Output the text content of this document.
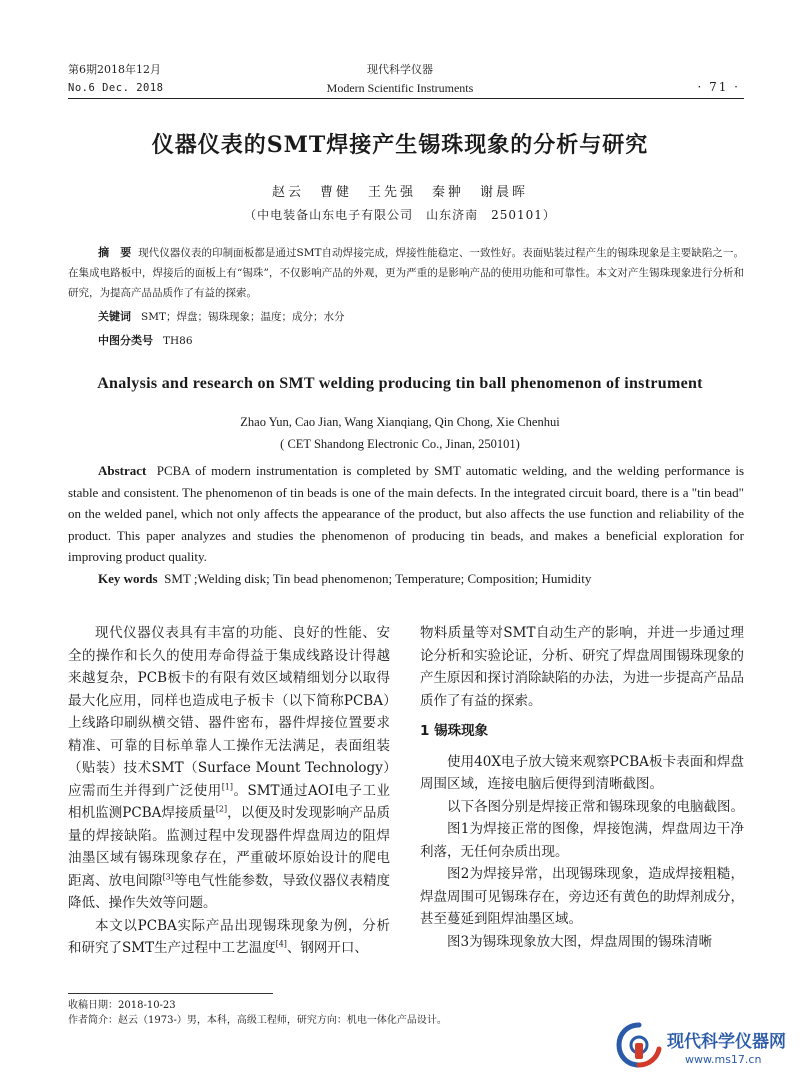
第6期2018年12月
No.6 Dec. 2018
现代科学仪器
Modern Scientific Instruments	· 71 ·
仪器仪表的SMT焊接产生锡珠现象的分析与研究
赵云　曹健　王先强　秦翀　谢晨晖
（中电装备山东电子有限公司　山东济南　250101）
摘　要 现代仪器仪表的印制面板都是通过SMT自动焊接完成，焊接性能稳定、一致性好。表面贴装过程产生的锡珠现象是主要缺陷之一。在集成电路板中，焊接后的面板上有“锡珠”，不仅影响产品的外观，更为严重的是影响产品的使用功能和可靠性。本文对产生锡珠现象进行分析和研究，为提高产品品质作了有益的探索。
关键词 SMT；焊盘；锡珠现象；温度；成分；水分
中图分类号 TH86
Analysis and research on SMT welding producing tin ball phenomenon of instrument
Zhao Yun, Cao Jian, Wang Xianqiang, Qin Chong, Xie Chenhui
( CET Shandong Electronic Co., Jinan, 250101)
Abstract PCBA of modern instrumentation is completed by SMT automatic welding, and the welding performance is stable and consistent. The phenomenon of tin beads is one of the main defects. In the integrated circuit board, there is a "tin bead" on the welded panel, which not only affects the appearance of the product, but also affects the use function and reliability of the product. This paper analyzes and studies the phenomenon of producing tin beads, and makes a beneficial exploration for improving product quality.
Key words SMT ;Welding disk; Tin bead phenomenon; Temperature; Composition; Humidity

现代仪器仪表具有丰富的功能、良好的性能、安全的操作和长久的使用寿命得益于集成线路设计得越来越复杂，PCB板卡的有限有效区域精细划分以取得最大化应用，同样也造成电子板卡（以下简称PCBA）上线路印刷纵横交错、器件密布，器件焊接位置要求精准、可靠的目标单靠人工操作无法满足，表面组装（贴装）技术SMT（Surface Mount Technology）应需而生并得到广泛使用[1]。SMT通过AOI电子工业相机监测PCBA焊接质量[2]，以便及时发现影响产品质量的焊接缺陷。监测过程中发现器件焊盘周边的阻焊油墨区域有锡珠现象存在，严重破坏原始设计的爬电距离、放电间隙[3]等电气性能参数，导致仪器仪表精度降低、操作失效等问题。

本文以PCBA实际产品出现锡珠现象为例，分析和研究了SMT生产过程中工艺温度[4]、钢网开口、

物料质量等对SMT自动生产的影响，并进一步通过理论分析和实验论证，分析、研究了焊盘周围锡珠现象的产生原因和探讨消除缺陷的办法，为进一步提高产品品质作了有益的探索。

1 锡珠现象

使用40X电子放大镜来观察PCBA板卡表面和焊盘周围区域，连接电脑后便得到清晰截图。

以下各图分别是焊接正常和锡珠现象的电脑截图。

图1为焊接正常的图像，焊接饱满，焊盘周边干净利落，无任何杂质出现。

图2为焊接异常，出现锡珠现象，造成焊接粗糙，焊盘周围可见锡珠存在，旁边还有黄色的助焊剂成分，甚至蔓延到阻焊油墨区域。

图3为锡珠现象放大图，焊盘周围的锡珠清晰

收稿日期：2018-10-23
作者简介：赵云（1973-）男，本科，高级工程师，研究方向：机电一体化产品设计。
现代科学仪器网
www.ms17.cn
